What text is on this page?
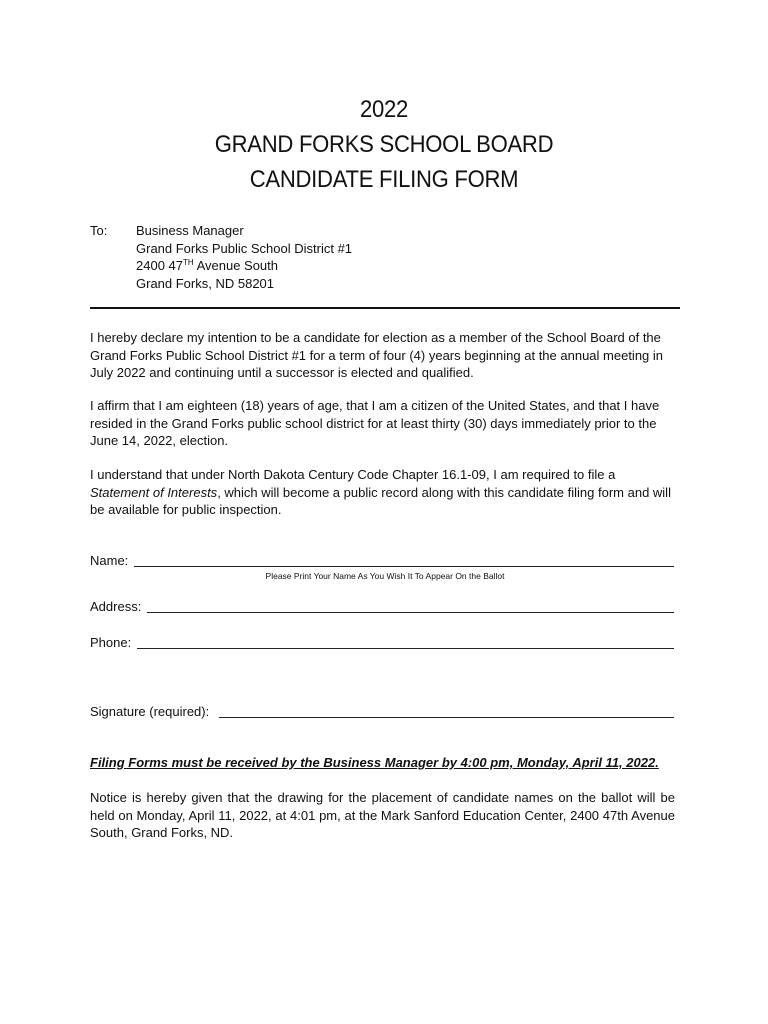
2022
GRAND FORKS SCHOOL BOARD
CANDIDATE FILING FORM
To: Business Manager
Grand Forks Public School District #1
2400 47TH Avenue South
Grand Forks, ND 58201

I hereby declare my intention to be a candidate for election as a member of the School Board of the Grand Forks Public School District #1 for a term of four (4) years beginning at the annual meeting in July 2022 and continuing until a successor is elected and qualified.

I affirm that I am eighteen (18) years of age, that I am a citizen of the United States, and that I have resided in the Grand Forks public school district for at least thirty (30) days immediately prior to the June 14, 2022, election.

I understand that under North Dakota Century Code Chapter 16.1-09, I am required to file a Statement of Interests, which will become a public record along with this candidate filing form and will be available for public inspection.

Name:
Please Print Your Name As You Wish It To Appear On the Ballot
Address:
Phone:
Signature (required):
Filing Forms must be received by the Business Manager by 4:00 pm, Monday, April 11, 2022.

Notice is hereby given that the drawing for the placement of candidate names on the ballot will be held on Monday, April 11, 2022, at 4:01 pm, at the Mark Sanford Education Center, 2400 47th Avenue South, Grand Forks, ND.
